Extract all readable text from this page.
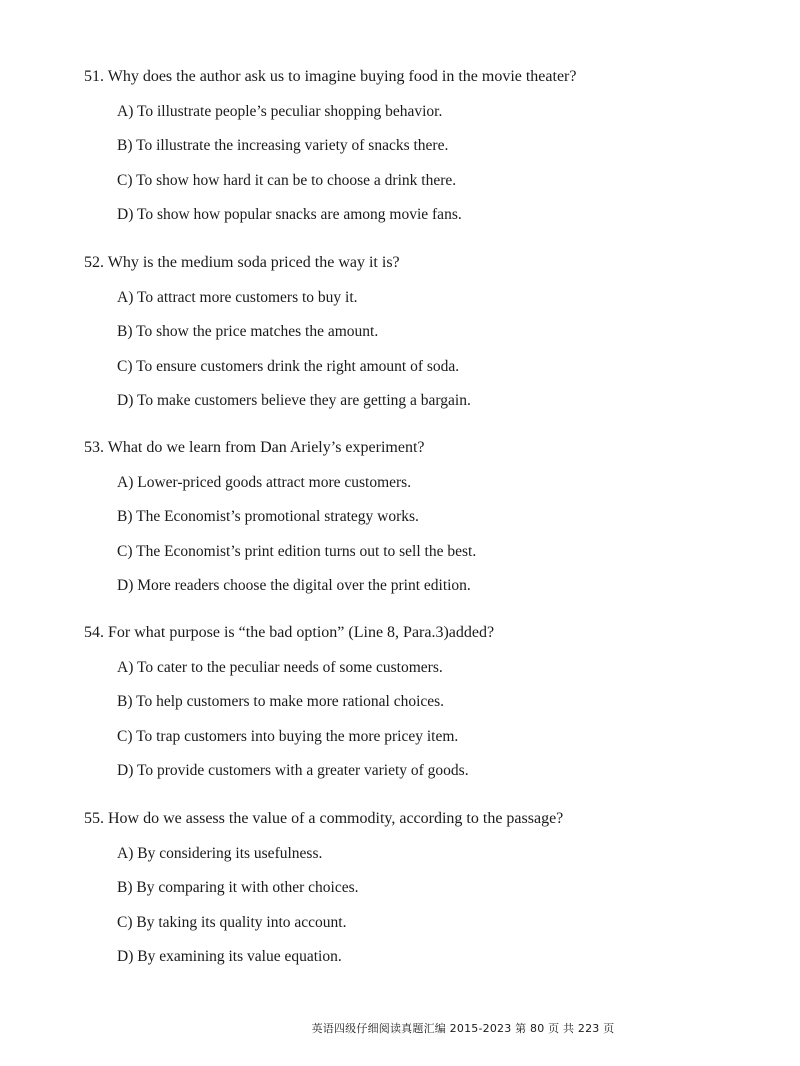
51. Why does the author ask us to imagine buying food in the movie theater?
A) To illustrate people’s peculiar shopping behavior.
B) To illustrate the increasing variety of snacks there.
C) To show how hard it can be to choose a drink there.
D) To show how popular snacks are among movie fans.
52. Why is the medium soda priced the way it is?
A) To attract more customers to buy it.
B) To show the price matches the amount.
C) To ensure customers drink the right amount of soda.
D) To make customers believe they are getting a bargain.
53. What do we learn from Dan Ariely’s experiment?
A) Lower-priced goods attract more customers.
B) The Economist’s promotional strategy works.
C) The Economist’s print edition turns out to sell the best.
D) More readers choose the digital over the print edition.
54. For what purpose is “the bad option” (Line 8, Para.3)added?
A) To cater to the peculiar needs of some customers.
B) To help customers to make more rational choices.
C) To trap customers into buying the more pricey item.
D) To provide customers with a greater variety of goods.
55. How do we assess the value of a commodity, according to the passage?
A) By considering its usefulness.
B) By comparing it with other choices.
C) By taking its quality into account.
D) By examining its value equation.
英语四级仔细阅读真题汇编 2015-2023 第 80 页 共 223 页
